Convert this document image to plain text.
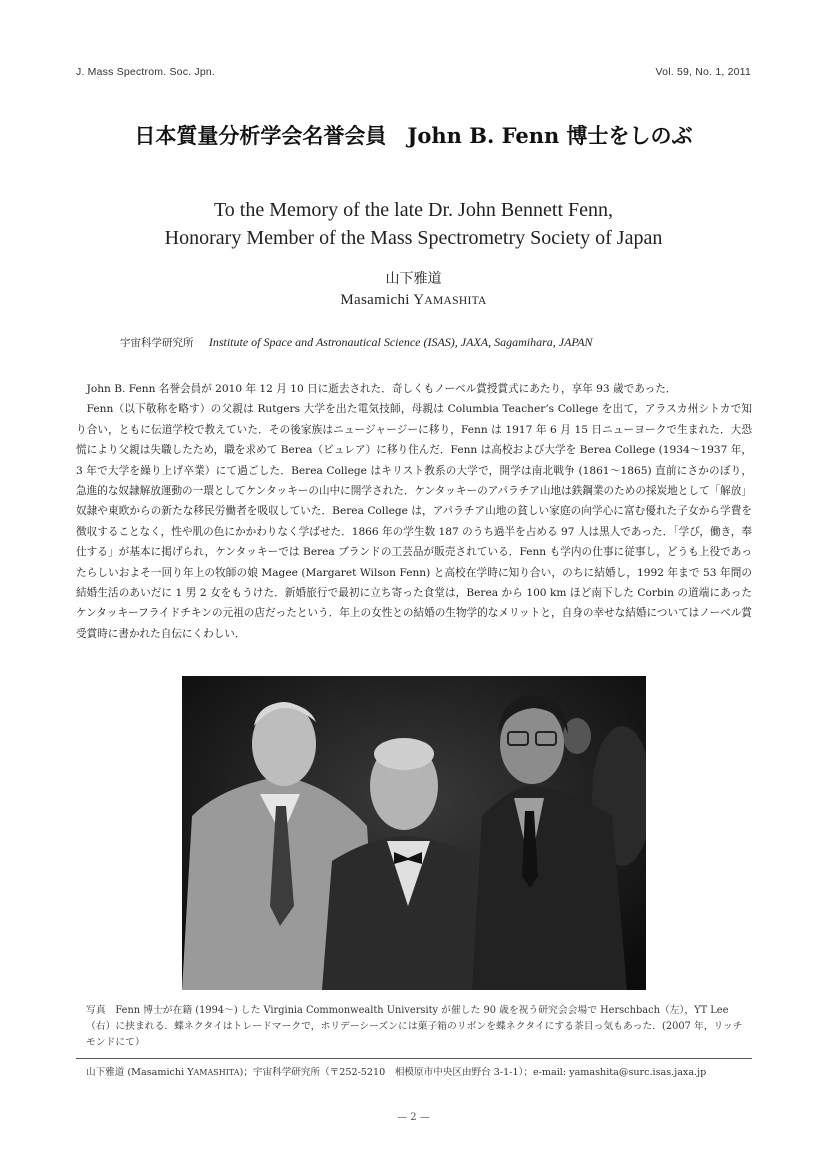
J. Mass Spectrom. Soc. Jpn.	Vol. 59, No. 1, 2011
日本質量分析学会名誉会員　John B. Fenn 博士をしのぶ
To the Memory of the late Dr. John Bennett Fenn,
Honorary Member of the Mass Spectrometry Society of Japan
山下雅道
Masamichi YAMASHITA
宇宙科学研究所 Institute of Space and Astronautical Science (ISAS), JAXA, Sagamihara, JAPAN

John B. Fenn 名誉会員が 2010 年 12 月 10 日に逝去された．奇しくもノーベル賞授賞式にあたり，享年 93 歳であった．

Fenn（以下敬称を略す）の父親は Rutgers 大学を出た電気技師，母親は Columbia Teacher’s College を出て，アラスカ州シトカで知り合い，ともに伝道学校で教えていた．その後家族はニュージャージーに移り，Fenn は 1917 年 6 月 15 日ニューヨークで生まれた．大恐慌により父親は失職したため，職を求めて Berea（ビュレア）に移り住んだ．Fenn は高校および大学を Berea College (1934〜1937 年，3 年で大学を繰り上げ卒業）にて過ごした．Berea College はキリスト教系の大学で，開学は南北戦争 (1861〜1865) 直前にさかのぼり，急進的な奴隷解放運動の一環としてケンタッキーの山中に開学された．ケンタッキーのアパラチア山地は鉄鋼業のための採炭地として「解放」奴隷や東欧からの新たな移民労働者を吸収していた．Berea College は，アパラチア山地の貧しい家庭の向学心に富む優れた子女から学費を徴収することなく，性や肌の色にかかわりなく学ばせた．1866 年の学生数 187 のうち過半を占める 97 人は黒人であった．「学び，働き，奉仕する」が基本に掲げられ，ケンタッキーでは Berea ブランドの工芸品が販売されている．Fenn も学内の仕事に従事し，どうも上役であったらしいおよそ一回り年上の牧師の娘 Magee (Margaret Wilson Fenn) と高校在学時に知り合い，のちに結婚し，1992 年まで 53 年間の結婚生活のあいだに 1 男 2 女をもうけた．新婚旅行で最初に立ち寄った食堂は，Berea から 100 km ほど南下した Corbin の道端にあったケンタッキーフライドチキンの元祖の店だったという．年上の女性との結婚の生物学的なメリットと，自身の幸せな結婚についてはノーベル賞受賞時に書かれた自伝にくわしい．

写真　Fenn 博士が在籍 (1994〜) した Virginia Commonwealth University が催した 90 歳を祝う研究会会場で Herschbach（左），YT Lee（右）に挟まれる．蝶ネクタイはトレードマークで，ホリデーシーズンには菓子箱のリボンを蝶ネクタイにする茶目っ気もあった．(2007 年，リッチモンドにて）
山下雅道 (Masamichi YAMASHITA)；宇宙科学研究所（〒252-5210　相模原市中央区由野台 3-1-1）；e-mail: yamashita@surc.isas.jaxa.jp
— 2 —
